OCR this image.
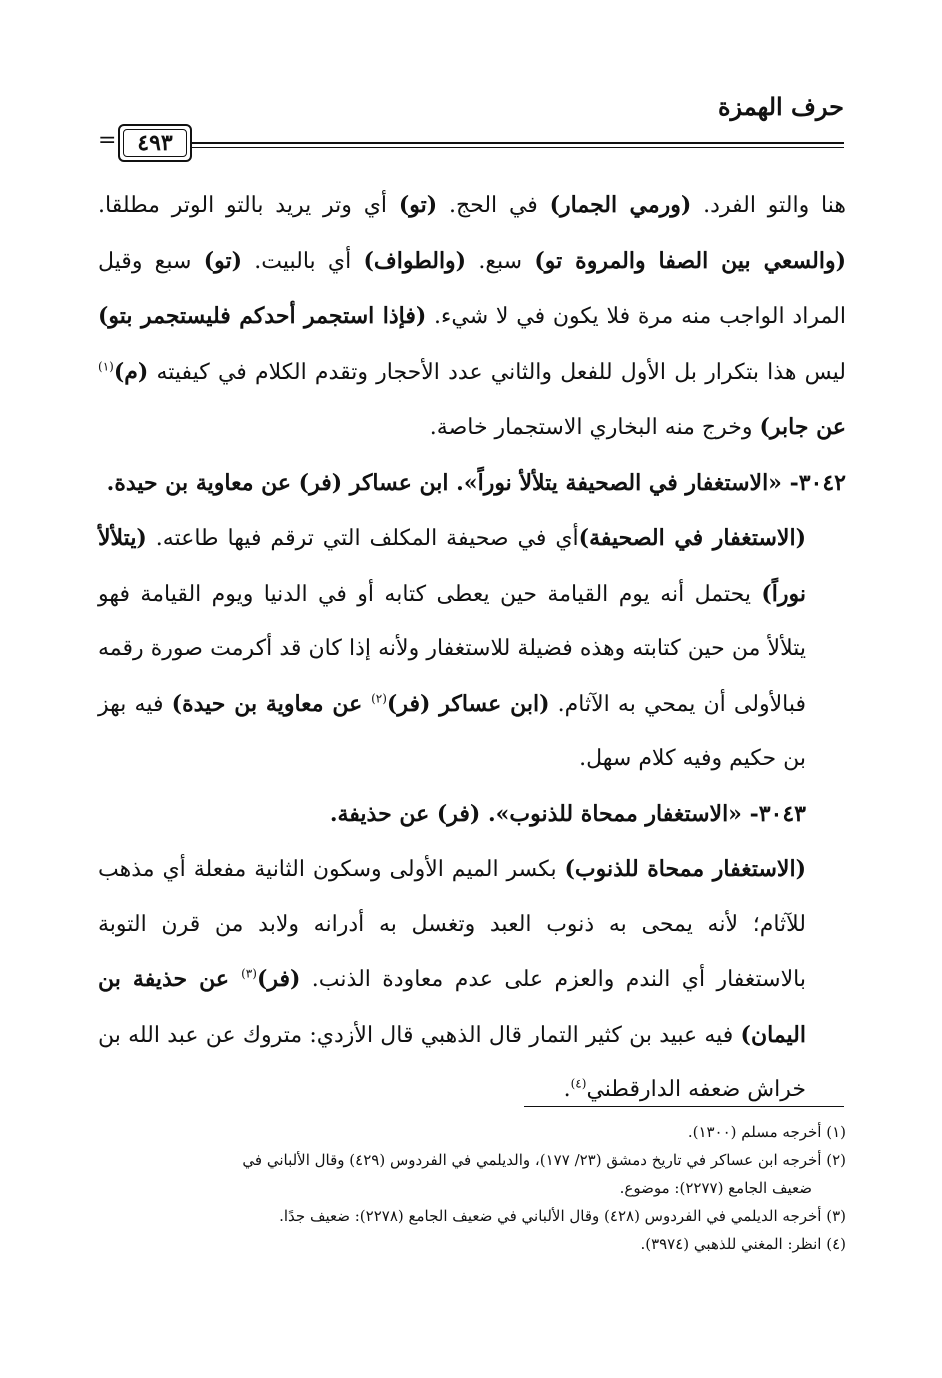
حرف الهمزة
٤٩٣
=

هنا والتو الفرد. (ورمي الجمار) في الحج. (تو) أي وتر يريد بالتو الوتر مطلقا. (والسعي بين الصفا والمروة تو) سبع. (والطواف) أي بالبيت. (تو) سبع وقيل المراد الواجب منه مرة فلا يكون في لا شيء. (فإذا استجمر أحدكم فليستجمر بتو) ليس هذا بتكرار بل الأول للفعل والثاني عدد الأحجار وتقدم الكلام في كيفيته (م)$^{(١)}$ عن جابر) وخرج منه البخاري الاستجمار خاصة.

٣٠٤٢- «الاستغفار في الصحيفة يتلألأ نوراً». ابن عساكر (فر) عن معاوية بن حيدة.

(الاستغفار في الصحيفة)أي في صحيفة المكلف التي ترقم فيها طاعته. (يتلألأ نوراً) يحتمل أنه يوم القيامة حين يعطى كتابه أو في الدنيا ويوم القيامة فهو يتلألأ من حين كتابته وهذه فضيلة للاستغفار ولأنه إذا كان قد أكرمت صورة رقمه فبالأولى أن يمحي به الآثام. (ابن عساكر (فر)$^{(٢)}$ عن معاوية بن حيدة) فيه بهز بن حكيم وفيه كلام سهل.

٣٠٤٣- «الاستغفار ممحاة للذنوب». (فر) عن حذيفة.

(الاستغفار ممحاة للذنوب) بكسر الميم الأولى وسكون الثانية مفعلة أي مذهب للآثام؛ لأنه يمحى به ذنوب العبد وتغسل به أدرانه ولابد من قرن التوبة بالاستغفار أي الندم والعزم على عدم معاودة الذنب. (فر)$^{(٣)}$ عن حذيفة بن اليمان) فيه عبيد بن كثير التمار قال الذهبي قال الأزدي: متروك عن عبد الله بن خراش ضعفه الدارقطني$^{(٤)}$.

(١) أخرجه مسلم (١٣٠٠).

(٢) أخرجه ابن عساكر في تاريخ دمشق (٢٣/ ١٧٧)، والديلمي في الفردوس (٤٢٩) وقال الألباني في

ضعيف الجامع (٢٢٧٧): موضوع.

(٣) أخرجه الديلمي في الفردوس (٤٢٨) وقال الألباني في ضعيف الجامع (٢٢٧٨): ضعيف جدًا.

(٤) انظر: المغني للذهبي (٣٩٧٤).
